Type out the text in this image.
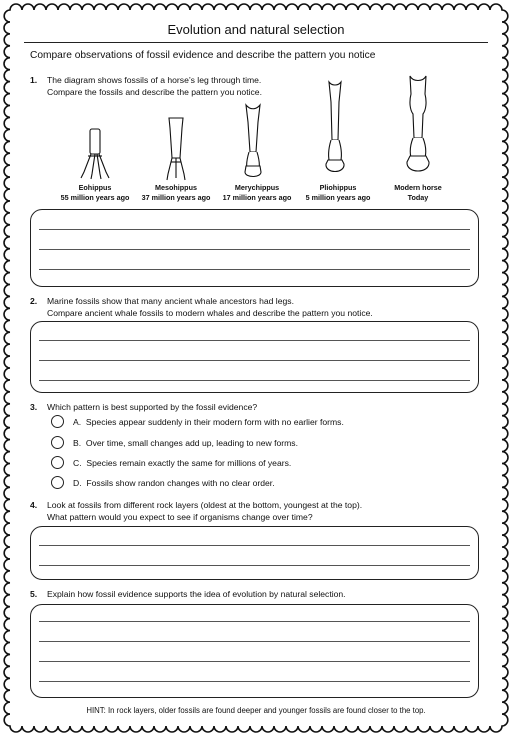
Evolution and natural selection
Compare observations of fossil evidence and describe the pattern you notice
1. The diagram shows fossils of a horse’s leg through time.
Compare the fossils and describe the pattern you notice.
Eohippus
55 million years ago
Mesohippus
37 million years ago
Merychippus
17 million years ago
Pliohippus
5 million years ago
Modern horse
Today
2. Marine fossils show that many ancient whale ancestors had legs.
Compare ancient whale fossils to modern whales and describe the pattern you notice.
3. Which pattern is best supported by the fossil evidence?
A. Species appear suddenly in their modern form with no earlier forms.
B. Over time, small changes add up, leading to new forms.
C. Species remain exactly the same for millions of years.
D. Fossils show randon changes with no clear order.
4. Look at fossils from different rock layers (oldest at the bottom, youngest at the top).
What pattern would you expect to see if organisms change over time?
5. Explain how fossil evidence supports the idea of evolution by natural selection.
HINT: In rock layers, older fossils are found deeper and younger fossils are found closer to the top.
